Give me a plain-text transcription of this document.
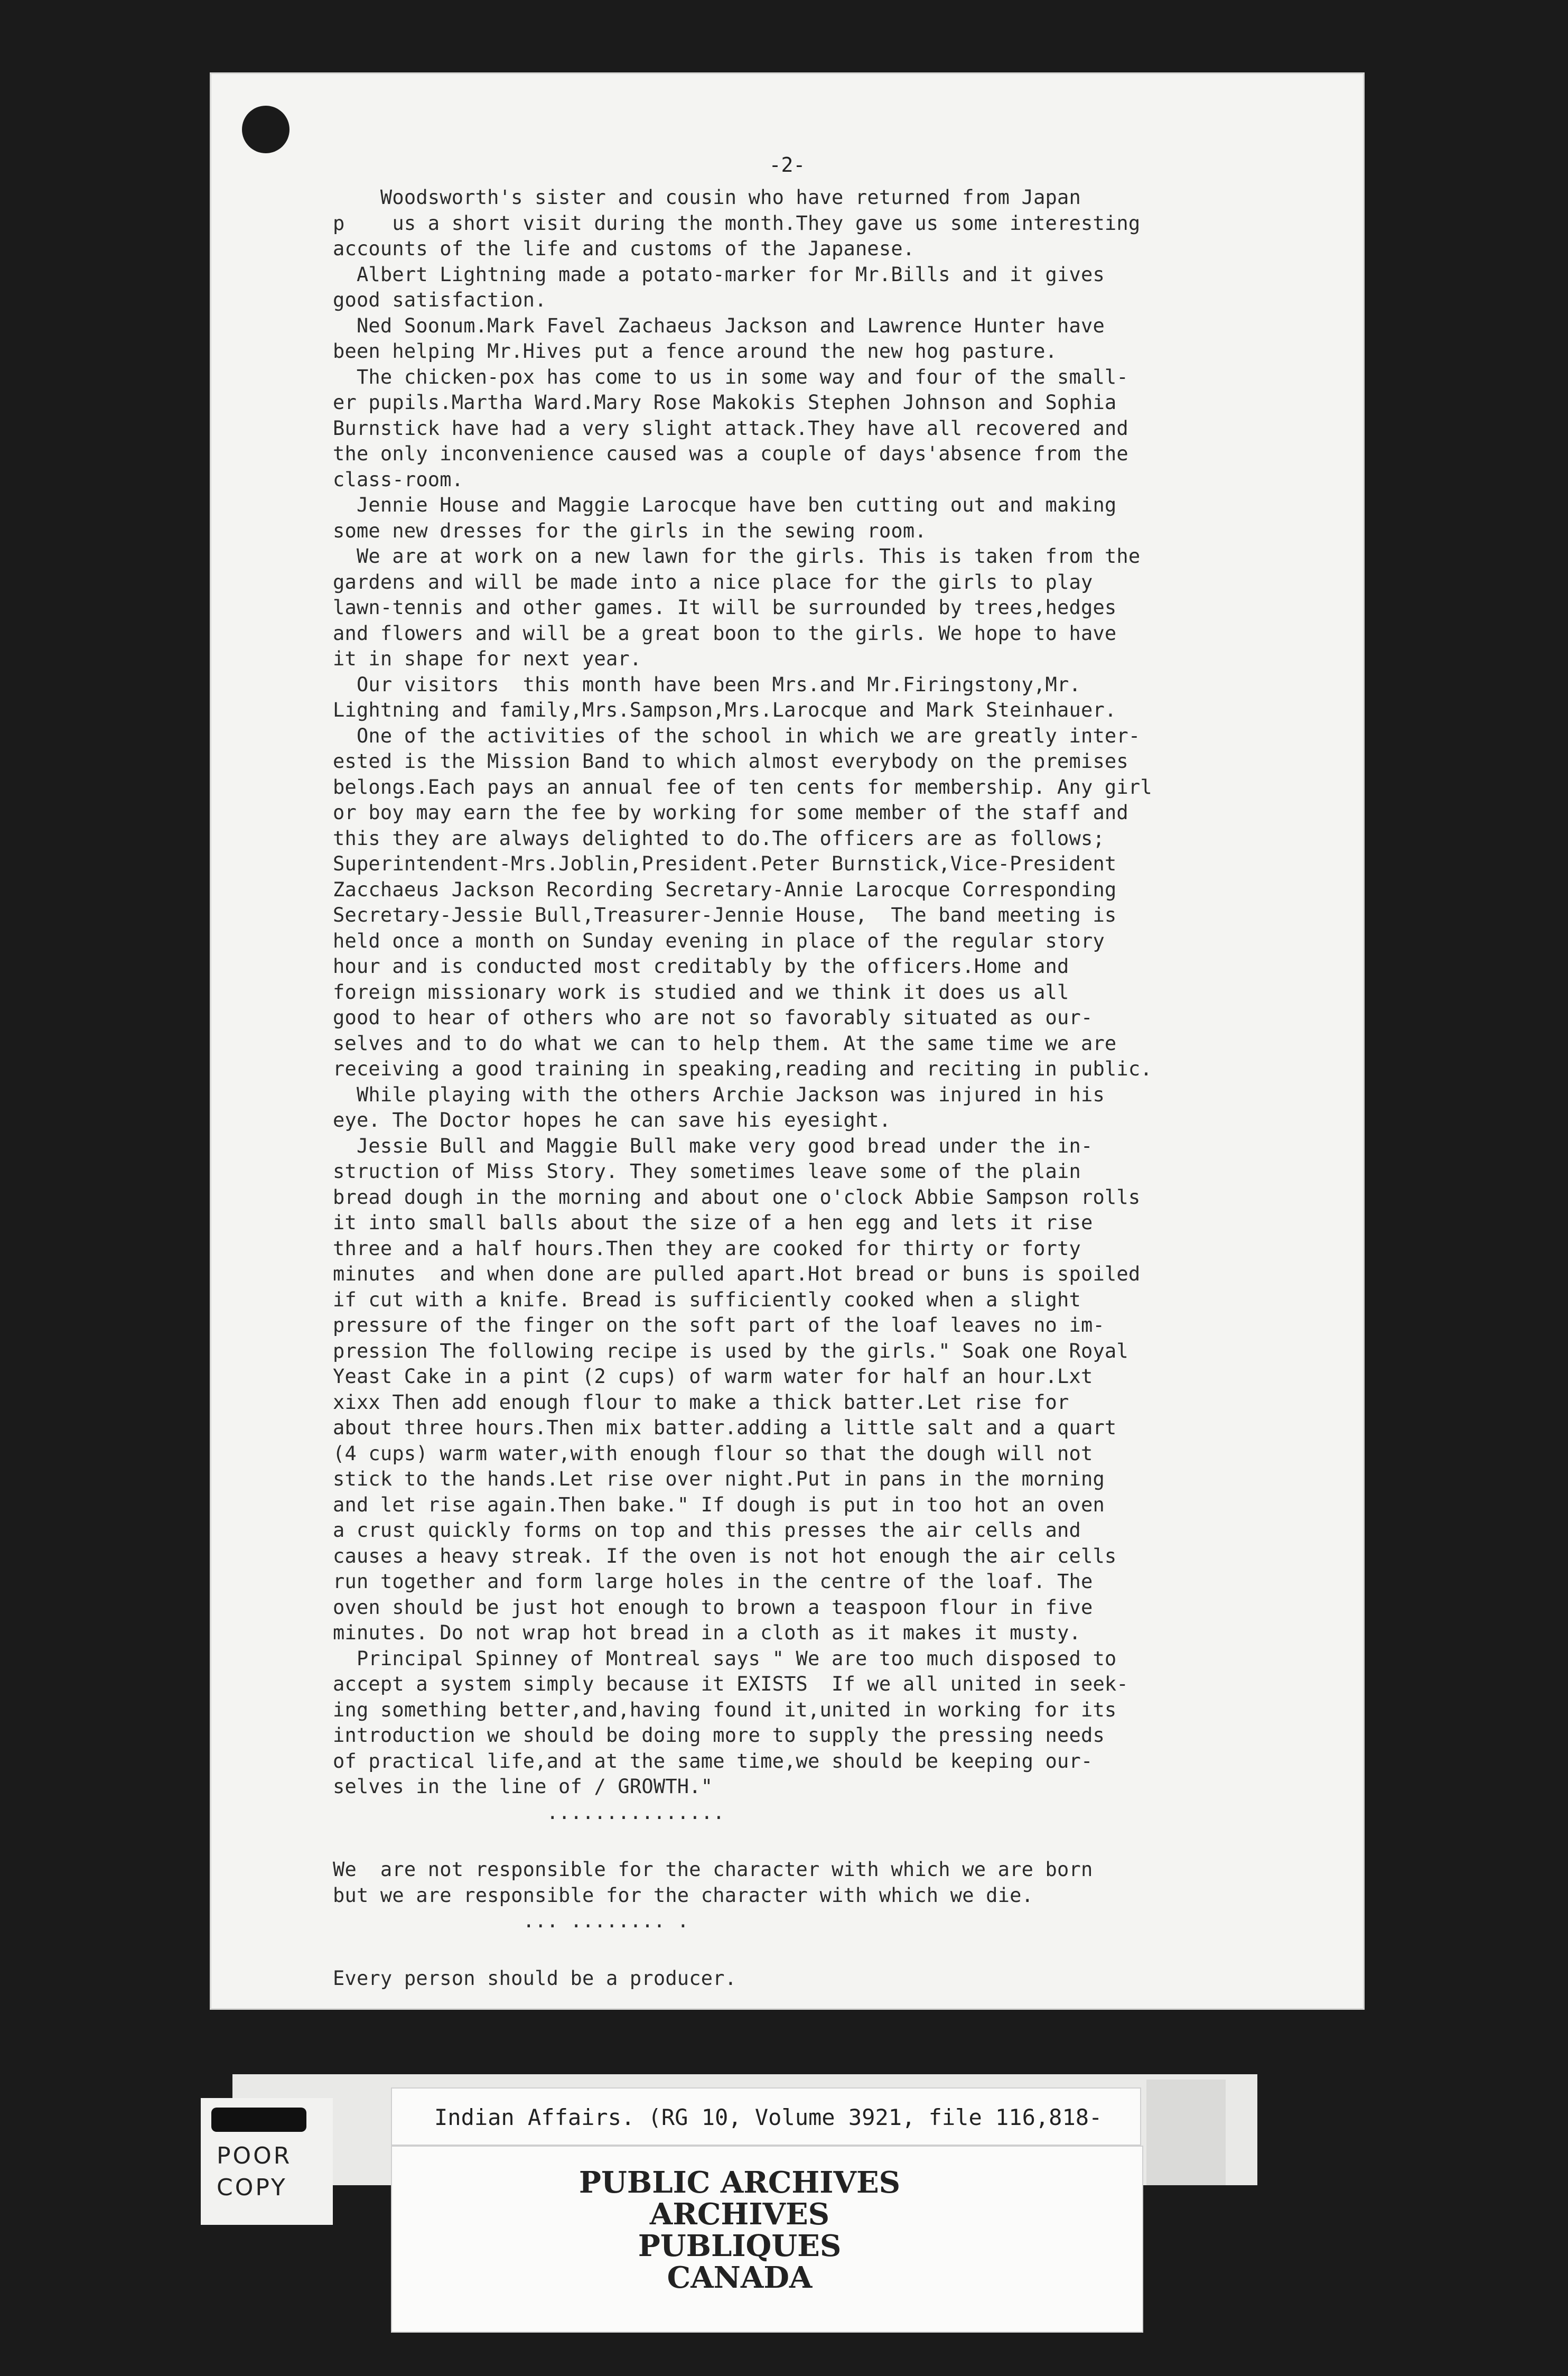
-2-
Woodsworth's sister and cousin who have returned from Japan
p    us a short visit during the month.They gave us some interesting
accounts of the life and customs of the Japanese.
Albert Lightning made a potato-marker for Mr.Bills and it gives
good satisfaction.
Ned Soonum.Mark Favel Zachaeus Jackson and Lawrence Hunter have
been helping Mr.Hives put a fence around the new hog pasture.
The chicken-pox has come to us in some way and four of the small-
er pupils.Martha Ward.Mary Rose Makokis Stephen Johnson and Sophia
Burnstick have had a very slight attack.They have all recovered and
the only inconvenience caused was a couple of days'absence from the
class-room.
Jennie House and Maggie Larocque have ben cutting out and making
some new dresses for the girls in the sewing room.
We are at work on a new lawn for the girls. This is taken from the
gardens and will be made into a nice place for the girls to play
lawn-tennis and other games. It will be surrounded by trees,hedges
and flowers and will be a great boon to the girls. We hope to have
it in shape for next year.
Our visitors  this month have been Mrs.and Mr.Firingstony,Mr.
Lightning and family,Mrs.Sampson,Mrs.Larocque and Mark Steinhauer.
One of the activities of the school in which we are greatly inter-
ested is the Mission Band to which almost everybody on the premises
belongs.Each pays an annual fee of ten cents for membership. Any girl
or boy may earn the fee by working for some member of the staff and
this they are always delighted to do.The officers are as follows;
Superintendent-Mrs.Joblin,President.Peter Burnstick,Vice-President
Zacchaeus Jackson Recording Secretary-Annie Larocque Corresponding
Secretary-Jessie Bull,Treasurer-Jennie House,  The band meeting is
held once a month on Sunday evening in place of the regular story
hour and is conducted most creditably by the officers.Home and
foreign missionary work is studied and we think it does us all
good to hear of others who are not so favorably situated as our-
selves and to do what we can to help them. At the same time we are
receiving a good training in speaking,reading and reciting in public.
While playing with the others Archie Jackson was injured in his
eye. The Doctor hopes he can save his eyesight.
Jessie Bull and Maggie Bull make very good bread under the in-
struction of Miss Story. They sometimes leave some of the plain
bread dough in the morning and about one o'clock Abbie Sampson rolls
it into small balls about the size of a hen egg and lets it rise
three and a half hours.Then they are cooked for thirty or forty
minutes  and when done are pulled apart.Hot bread or buns is spoiled
if cut with a knife. Bread is sufficiently cooked when a slight
pressure of the finger on the soft part of the loaf leaves no im-
pression The following recipe is used by the girls." Soak one Royal
Yeast Cake in a pint (2 cups) of warm water for half an hour.Lxt
xixx Then add enough flour to make a thick batter.Let rise for
about three hours.Then mix batter.adding a little salt and a quart
(4 cups) warm water,with enough flour so that the dough will not
stick to the hands.Let rise over night.Put in pans in the morning
and let rise again.Then bake." If dough is put in too hot an oven
a crust quickly forms on top and this presses the air cells and
causes a heavy streak. If the oven is not hot enough the air cells
run together and form large holes in the centre of the loaf. The
oven should be just hot enough to brown a teaspoon flour in five
minutes. Do not wrap hot bread in a cloth as it makes it musty.
Principal Spinney of Montreal says " We are too much disposed to
accept a system simply because it EXISTS  If we all united in seek-
ing something better,and,having found it,united in working for its
introduction we should be doing more to supply the pressing needs
of practical life,and at the same time,we should be keeping our-
selves in the line of / GROWTH."
...............
We  are not responsible for the character with which we are born
but we are responsible for the character with which we die.
... ........ .
Every person should be a producer.
POOR
COPY
Indian Affairs. (RG 10, Volume 3921, file 116,818-
PUBLIC ARCHIVES
ARCHIVES PUBLIQUES
CANADA
